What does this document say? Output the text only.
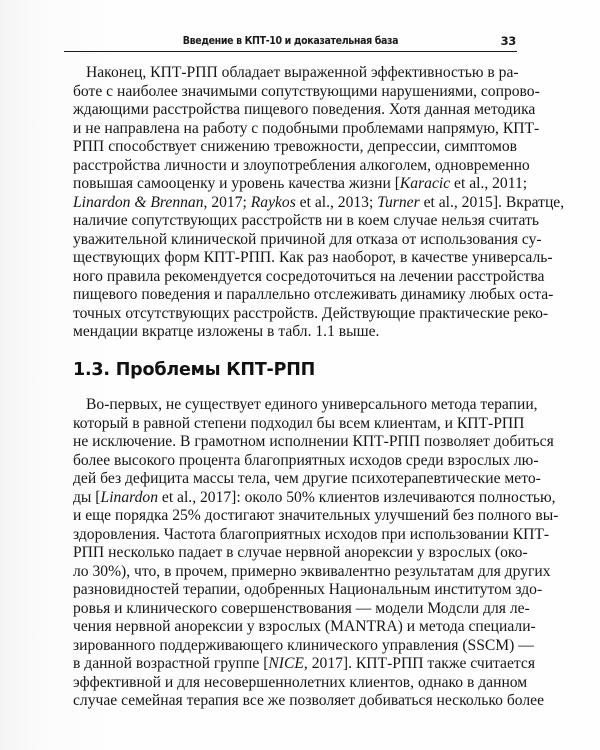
Введение в КПТ-10 и доказательная база	33
Наконец, КПТ-РПП обладает выраженной эффективностью в ра-
боте с наиболее значимыми сопутствующими нарушениями, сопрово-
ждающими расстройства пищевого поведения. Хотя данная методика
и не направлена на работу с подобными проблемами напрямую, КПТ-
РПП способствует снижению тревожности, депрессии, симптомов
расстройства личности и злоупотребления алкоголем, одновременно
повышая самооценку и уровень качества жизни [Karacic et al., 2011;
Linardon & Brennan, 2017; Raykos et al., 2013; Turner et al., 2015]. Вкратце,
наличие сопутствующих расстройств ни в коем случае нельзя считать
уважительной клинической причиной для отказа от использования су-
ществующих форм КПТ-РПП. Как раз наоборот, в качестве универсаль-
ного правила рекомендуется сосредоточиться на лечении расстройства
пищевого поведения и параллельно отслеживать динамику любых оста-
точных отсутствующих расстройств. Действующие практические реко-
мендации вкратце изложены в табл. 1.1 выше.
1.3. Проблемы КПТ-РПП
Во-первых, не существует единого универсального метода терапии,
который в равной степени подходил бы всем клиентам, и КПТ-РПП
не исключение. В грамотном исполнении КПТ-РПП позволяет добиться
более высокого процента благоприятных исходов среди взрослых лю-
дей без дефицита массы тела, чем другие психотерапевтические мето-
ды [Linardon et al., 2017]: около 50% клиентов излечиваются полностью,
и еще порядка 25% достигают значительных улучшений без полного вы-
здоровления. Частота благоприятных исходов при использовании КПТ-
РПП несколько падает в случае нервной анорексии у взрослых (око-
ло 30%), что, в прочем, примерно эквивалентно результатам для других
разновидностей терапии, одобренных Национальным институтом здо-
ровья и клинического совершенствования — модели Модсли для ле-
чения нервной анорексии у взрослых (MANTRA) и метода специали-
зированного поддерживающего клинического управления (SSCM) —
в данной возрастной группе [NICE, 2017]. КПТ-РПП также считается
эффективной и для несовершеннолетних клиентов, однако в данном
случае семейная терапия все же позволяет добиваться несколько более
